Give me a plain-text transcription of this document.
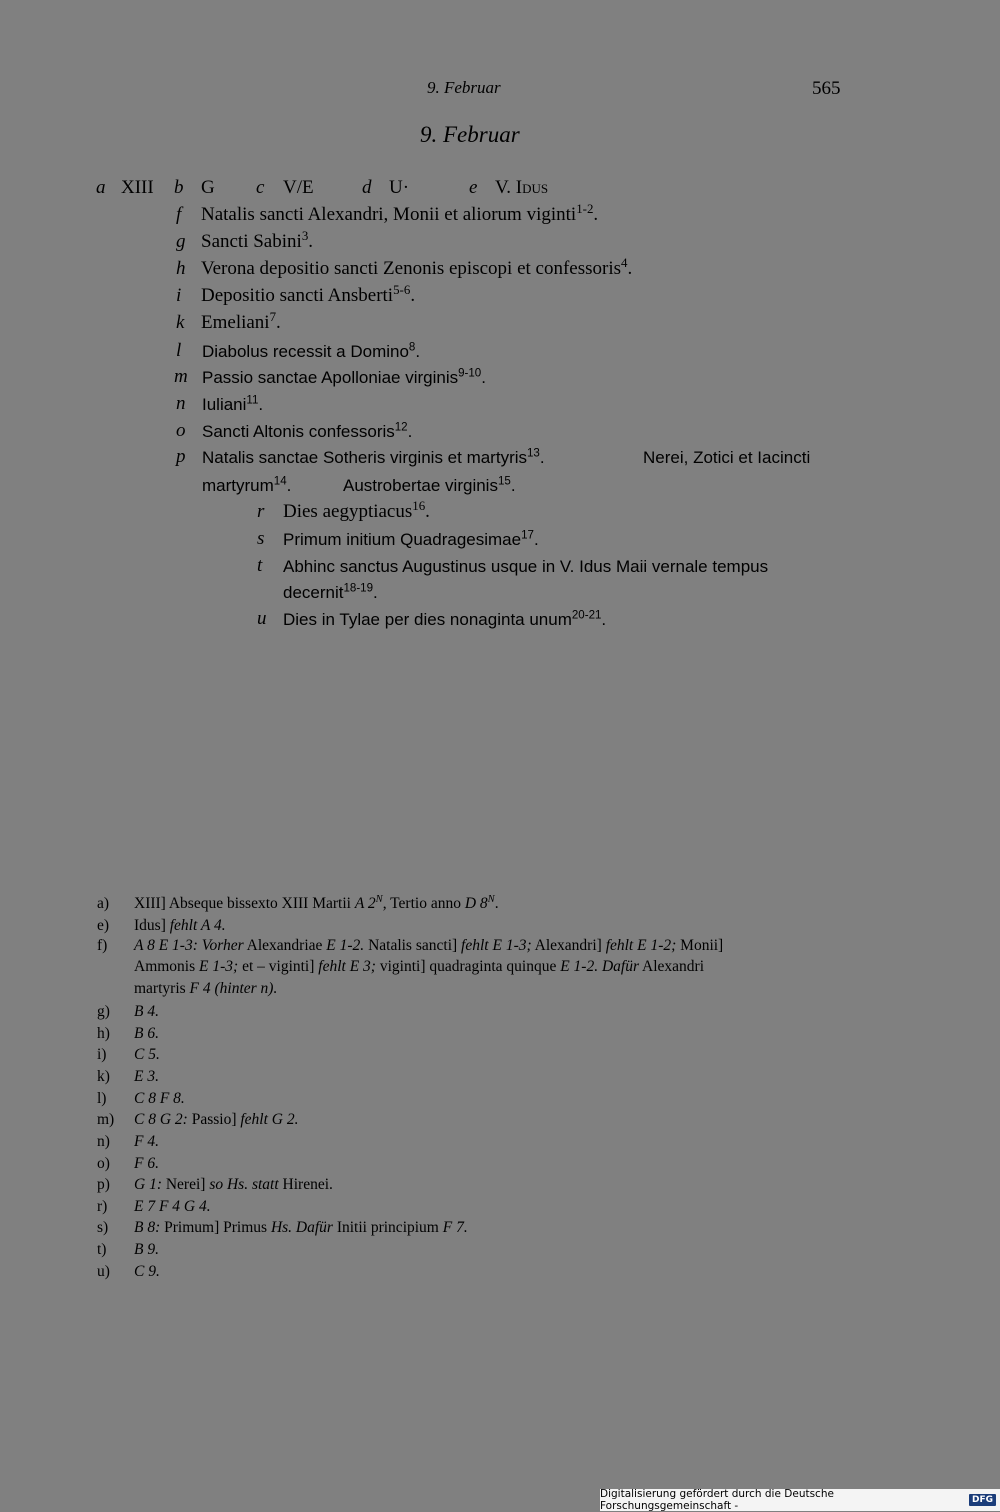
9. Februar	565
9. Februar
a XIII b G c V/E	d U·	e V. Idus
f Natalis sancti Alexandri, Monii et aliorum viginti$^{1-2}$.
g Sancti Sabini$^3$.
h Verona depositio sancti Zenonis episcopi et confessoris$^4$.
i Depositio sancti Ansberti$^{5-6}$.
k Emeliani$^7$.
l Diabolus recessit a Domino$^8$.
m Passio sanctae Apolloniae virginis$^{9-10}$.
n Iuliani$^{11}$.
o Sancti Altonis confessoris$^{12}$.
p Natalis sanctae Sotheris virginis et martyris$^{13}$.	Nerei, Zotici et Iacincti
martyrum$^{14}$.	Austrobertae virginis$^{15}$.
r Dies aegyptiacus$^{16}$.
s Primum initium Quadragesimae$^{17}$.
t Abhinc sanctus Augustinus usque in V. Idus Maii vernale tempus
decernit$^{18-19}$.
u Dies in Tylae per dies nonaginta unum$^{20-21}$.
a) XIII] Abseque bissexto XIII Martii A $2^N$, Tertio anno D $8^N$.
e) Idus] fehlt A 4.
f) A 8 E 1-3: Vorher Alexandriae E 1-2. Natalis sancti] fehlt E 1-3; Alexandri] fehlt E 1-2; Monii]
Ammonis E 1-3; et – viginti] fehlt E 3; viginti] quadraginta quinque E 1-2. Dafür Alexandri
martyris F 4 (hinter n).
g) B 4.
h) B 6.
i) C 5.
k) E 3.
l) C 8 F 8.
m) C 8 G 2: Passio] fehlt G 2.
n) F 4.
o) F 6.
p) G 1: Nerei] so Hs. statt Hirenei.
r) E 7 F 4 G 4.
s) B 8: Primum] Primus Hs. Dafür Initii principium F 7.
t) B 9.
u) C 9.
Digitalisierung gefördert durch die Deutsche Forschungsgemeinschaft -	DFG
